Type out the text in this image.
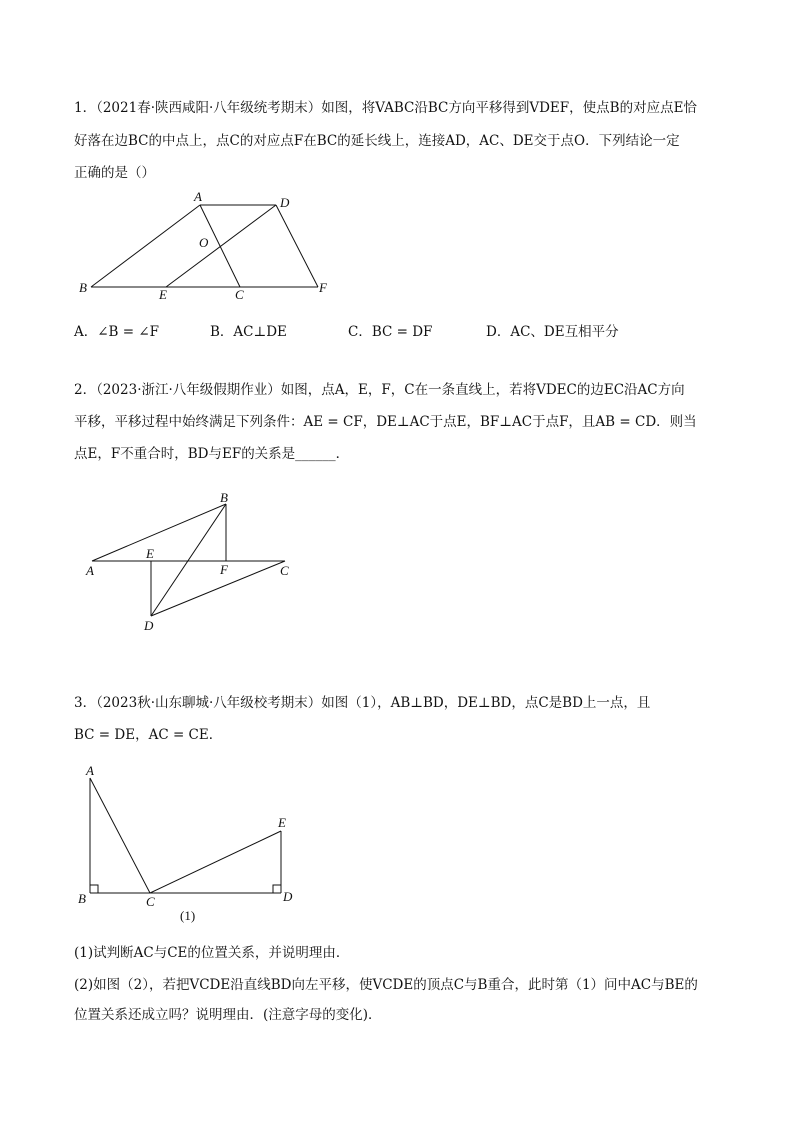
1．（2021春·陕西咸阳·八年级统考期末）如图，将VABC沿BC方向平移得到VDEF，使点B的对应点E恰
好落在边BC的中点上，点C的对应点F在BC的延长线上，连接AD，AC、DE交于点O．下列结论一定
正确的是（）
A	D
O
B	E	C	F
A．∠B = ∠F	B．AC⊥DE	C．BC = DF	D．AC、DE互相平分
2．（2023·浙江·八年级假期作业）如图，点A，E，F，C在一条直线上，若将VDEC的边EC沿AC方向
平移，平移过程中始终满足下列条件：AE = CF，DE⊥AC于点E，BF⊥AC于点F，且AB = CD．则当
点E，F不重合时，BD与EF的关系是______．
B
E
A	F	C
D
3．（2023秋·山东聊城·八年级校考期末）如图（1），AB⊥BD，DE⊥BD，点C是BD上一点，且
BC = DE，AC = CE．
A
E
B	C	D
(1)
(1)试判断AC与CE的位置关系，并说明理由．
(2)如图（2），若把VCDE沿直线BD向左平移，使VCDE的顶点C与B重合，此时第（1）问中AC与BE的
位置关系还成立吗？说明理由．(注意字母的变化)．
